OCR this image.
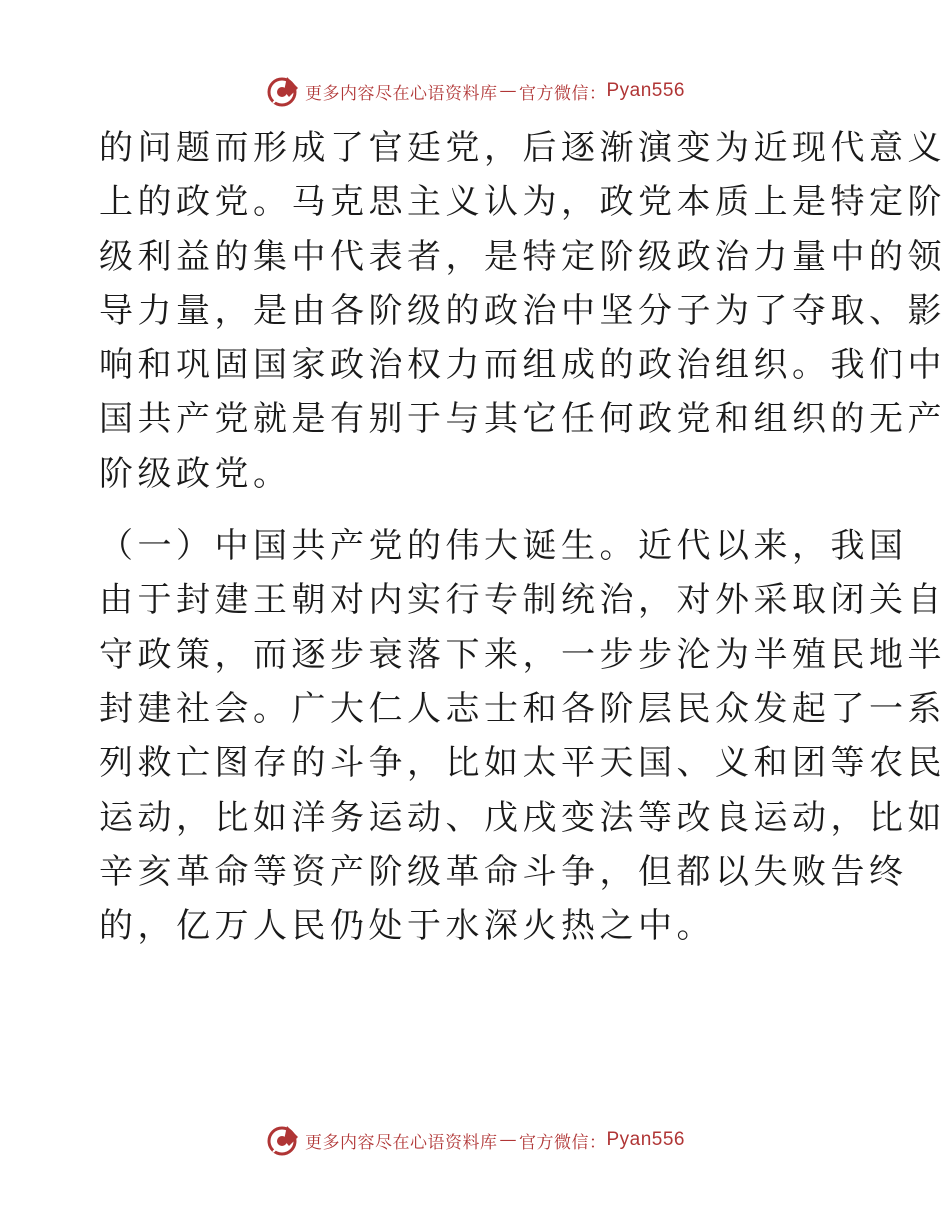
更多内容尽在心语资料库 — 官方微信： Pyan556

的问题而形成了官廷党，后逐渐演变为近现代意义
上的政党。马克思主义认为，政党本质上是特定阶
级利益的集中代表者，是特定阶级政治力量中的领
导力量，是由各阶级的政治中坚分子为了夺取、影
响和巩固国家政治权力而组成的政治组织。我们中
国共产党就是有别于与其它任何政党和组织的无产
阶级政党。

（一）中国共产党的伟大诞生。近代以来，我国
由于封建王朝对内实行专制统治，对外采取闭关自
守政策，而逐步衰落下来，一步步沦为半殖民地半
封建社会。广大仁人志士和各阶层民众发起了一系
列救亡图存的斗争，比如太平天国、义和团等农民
运动，比如洋务运动、戊戌变法等改良运动，比如
辛亥革命等资产阶级革命斗争，但都以失败告终
的，亿万人民仍处于水深火热之中。

更多内容尽在心语资料库 — 官方微信： Pyan556
